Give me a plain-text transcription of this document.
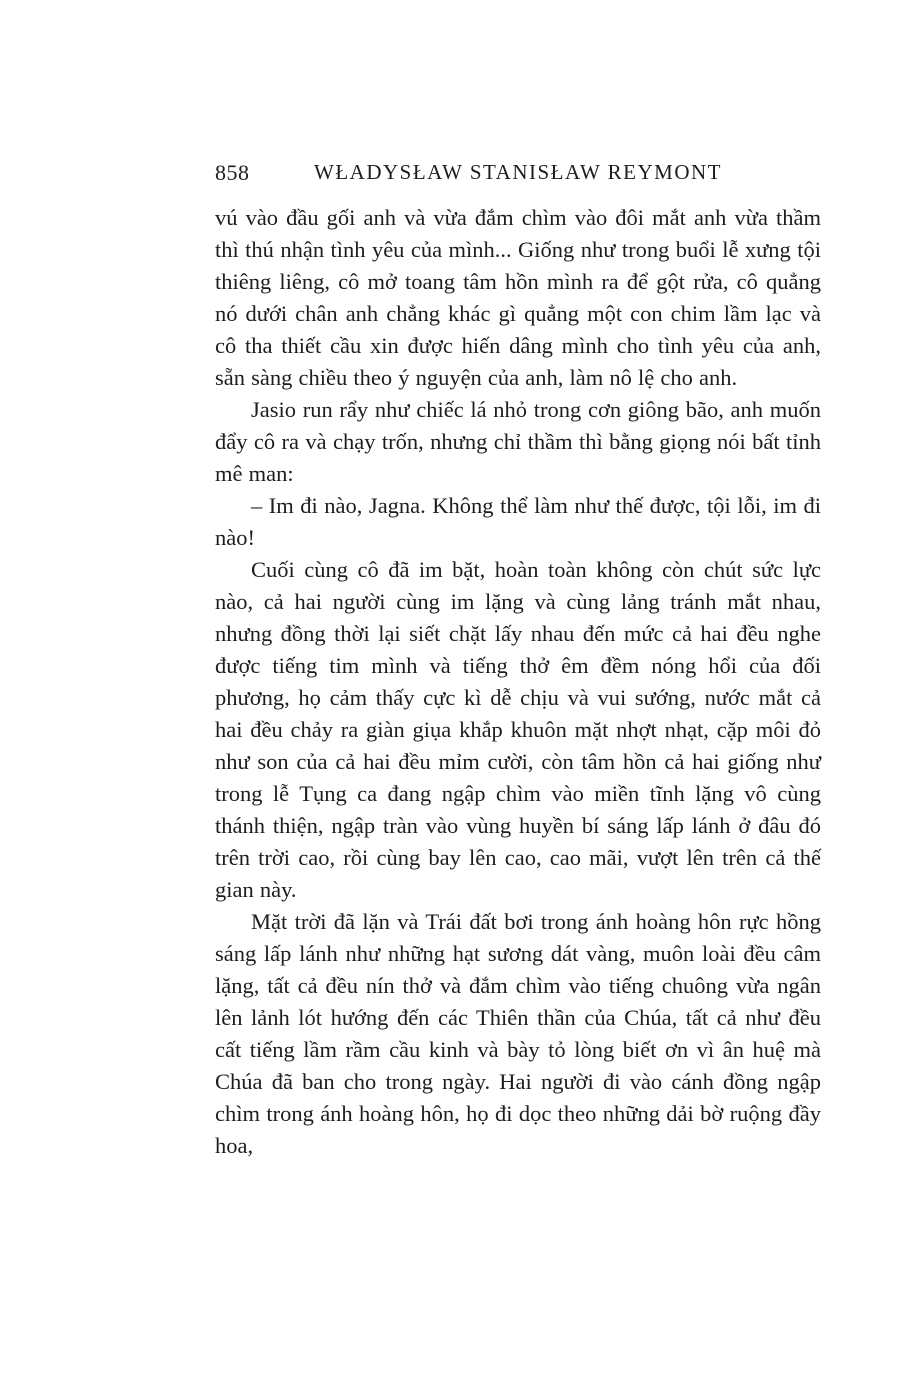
858	WŁADYSŁAW STANISŁAW REYMONT

vú vào đầu gối anh và vừa đắm chìm vào đôi mắt anh vừa thầm thì thú nhận tình yêu của mình... Giống như trong buổi lễ xưng tội thiêng liêng, cô mở toang tâm hồn mình ra để gột rửa, cô quẳng nó dưới chân anh chẳng khác gì quẳng một con chim lầm lạc và cô tha thiết cầu xin được hiến dâng mình cho tình yêu của anh, sẵn sàng chiều theo ý nguyện của anh, làm nô lệ cho anh.

Jasio run rẩy như chiếc lá nhỏ trong cơn giông bão, anh muốn đẩy cô ra và chạy trốn, nhưng chỉ thầm thì bằng giọng nói bất tỉnh mê man:

– Im đi nào, Jagna. Không thể làm như thế được, tội lỗi, im đi nào!

Cuối cùng cô đã im bặt, hoàn toàn không còn chút sức lực nào, cả hai người cùng im lặng và cùng lảng tránh mắt nhau, nhưng đồng thời lại siết chặt lấy nhau đến mức cả hai đều nghe được tiếng tim mình và tiếng thở êm đềm nóng hổi của đối phương, họ cảm thấy cực kì dễ chịu và vui sướng, nước mắt cả hai đều chảy ra giàn giụa khắp khuôn mặt nhợt nhạt, cặp môi đỏ như son của cả hai đều mỉm cười, còn tâm hồn cả hai giống như trong lễ Tụng ca đang ngập chìm vào miền tĩnh lặng vô cùng thánh thiện, ngập tràn vào vùng huyền bí sáng lấp lánh ở đâu đó trên trời cao, rồi cùng bay lên cao, cao mãi, vượt lên trên cả thế gian này.

Mặt trời đã lặn và Trái đất bơi trong ánh hoàng hôn rực hồng sáng lấp lánh như những hạt sương dát vàng, muôn loài đều câm lặng, tất cả đều nín thở và đắm chìm vào tiếng chuông vừa ngân lên lảnh lót hướng đến các Thiên thần của Chúa, tất cả như đều cất tiếng lầm rầm cầu kinh và bày tỏ lòng biết ơn vì ân huệ mà Chúa đã ban cho trong ngày. Hai người đi vào cánh đồng ngập chìm trong ánh hoàng hôn, họ đi dọc theo những dải bờ ruộng đầy hoa,
